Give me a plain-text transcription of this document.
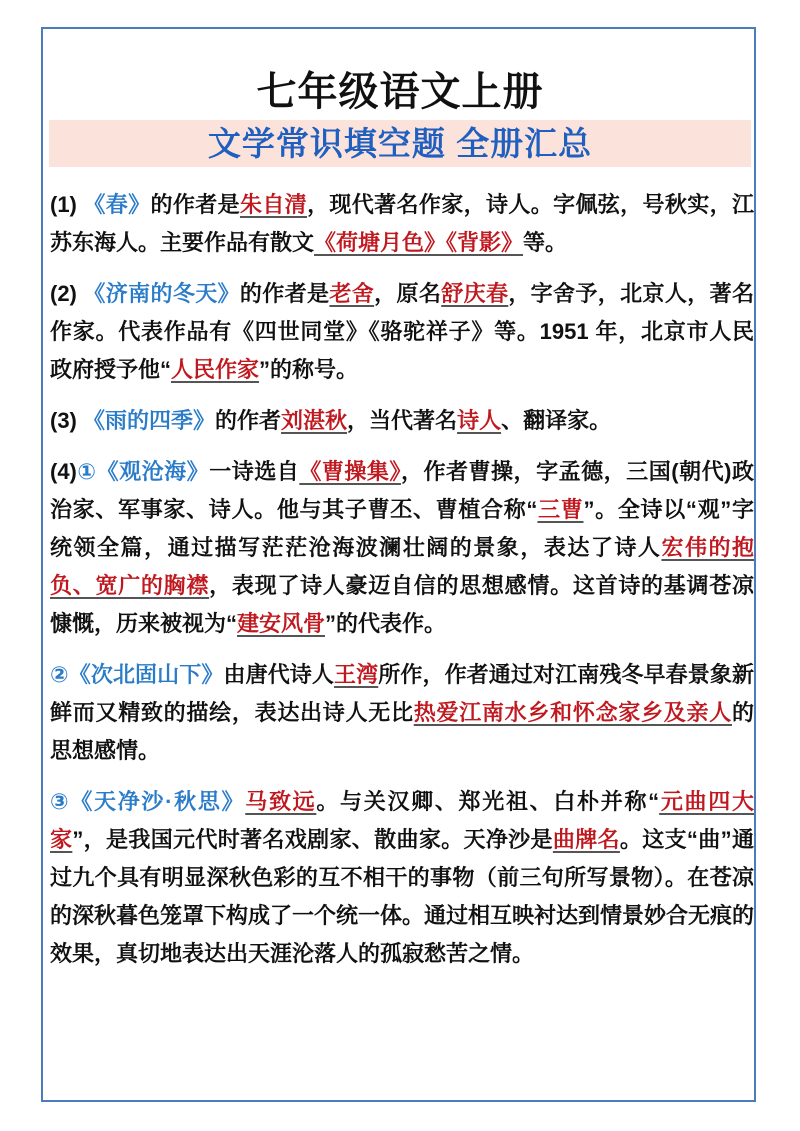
七年级语文上册
文学常识填空题 全册汇总

(1) 《春》的作者是朱自清，现代著名作家，诗人。字佩弦，号秋实，江苏东海人。主要作品有散文《荷塘月色》《背影》等。

(2) 《济南的冬天》的作者是老舍，原名舒庆春，字舍予，北京人，著名作家。代表作品有《四世同堂》《骆驼祥子》等。1951 年，北京市人民政府授予他“人民作家”的称号。

(3) 《雨的四季》的作者刘湛秋，当代著名诗人、翻译家。

(4)①《观沧海》一诗选自《曹操集》，作者曹操，字孟德，三国(朝代)政治家、军事家、诗人。他与其子曹丕、曹植合称“三曹”。全诗以“观”字统领全篇，通过描写茫茫沧海波澜壮阔的景象，表达了诗人宏伟的抱负、宽广的胸襟，表现了诗人豪迈自信的思想感情。这首诗的基调苍凉慷慨，历来被视为“建安风骨”的代表作。

②《次北固山下》由唐代诗人王湾所作，作者通过对江南残冬早春景象新鲜而又精致的描绘，表达出诗人无比热爱江南水乡和怀念家乡及亲人的思想感情。

③《天净沙·秋思》马致远。与关汉卿、郑光祖、白朴并称“元曲四大家”，是我国元代时著名戏剧家、散曲家。天净沙是曲牌名。这支“曲”通过九个具有明显深秋色彩的互不相干的事物（前三句所写景物）。在苍凉的深秋暮色笼罩下构成了一个统一体。通过相互映衬达到情景妙合无痕的效果，真切地表达出天涯沦落人的孤寂愁苦之情。
